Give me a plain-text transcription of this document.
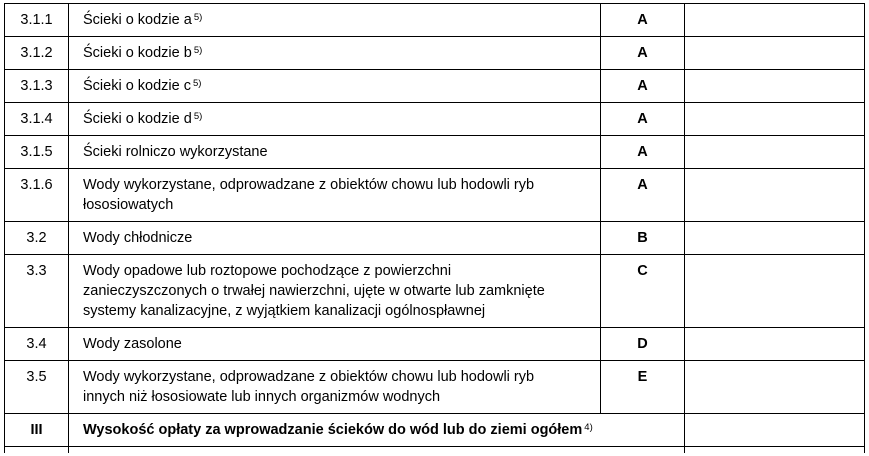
3.1.1	Ścieki o kodzie a $^{5)}$	A	
3.1.2	Ścieki o kodzie b $^{5)}$	A	
3.1.3	Ścieki o kodzie c $^{5)}$	A	
3.1.4	Ścieki o kodzie d $^{5)}$	A	
3.1.5	Ścieki rolniczo wykorzystane	A	
3.1.6	Wody wykorzystane, odprowadzane z obiektów chowu lub hodowli ryb
łososiowatych	A	
3.2	Wody chłodnicze	B	
3.3	Wody opadowe lub roztopowe pochodzące z powierzchni
zanieczyszczonych o trwałej nawierzchni, ujęte w otwarte lub zamknięte
systemy kanalizacyjne, z wyjątkiem kanalizacji ogólnospławnej	C	
3.4	Wody zasolone	D	
3.5	Wody wykorzystane, odprowadzane z obiektów chowu lub hodowli ryb
innych niż łososiowate lub innych organizmów wodnych	E	
III	Wysokość opłaty za wprowadzanie ścieków do wód lub do ziemi ogółem $^{4)}$	
